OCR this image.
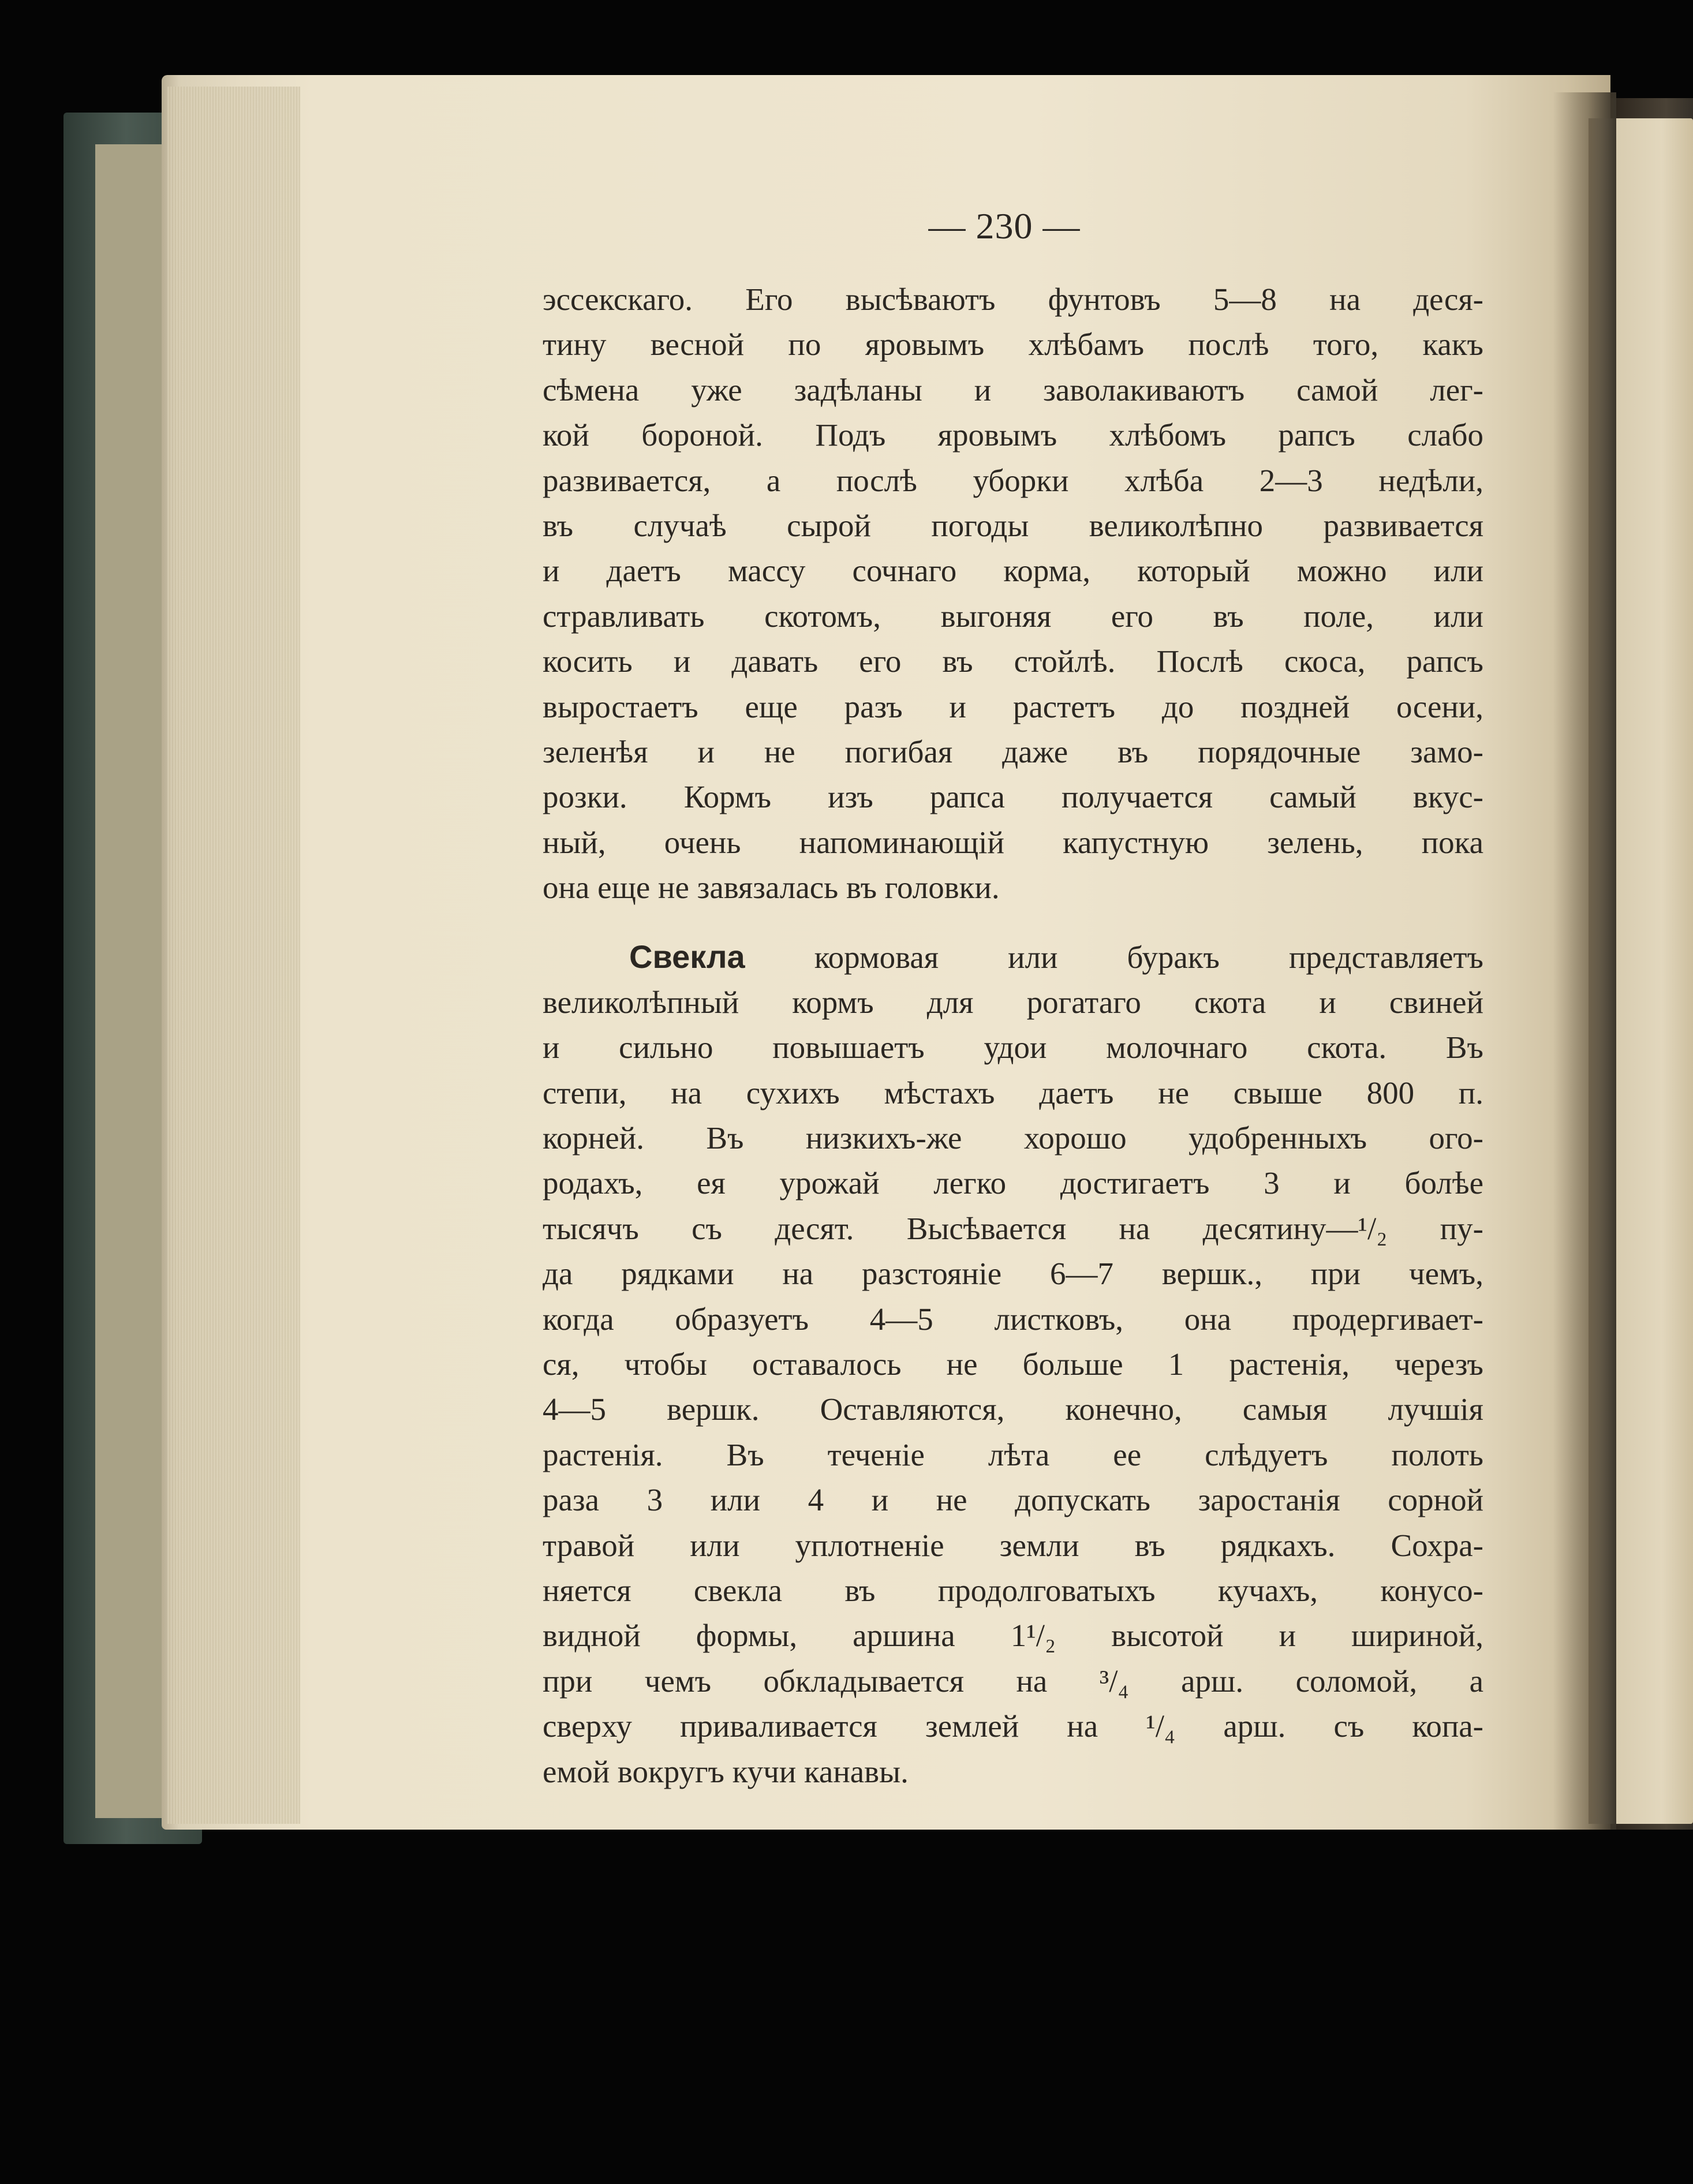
— 230 —
эссекскаго. Его высѣваютъ фунтовъ 5—8 на деся-
тину весной по яровымъ хлѣбамъ послѣ того, какъ
сѣмена уже задѣланы и заволакиваютъ самой лег-
кой бороной. Подъ яровымъ хлѣбомъ рапсъ слабо
развивается, а послѣ уборки хлѣба 2—3 недѣли,
въ случаѣ сырой погоды великолѣпно развивается
и даетъ массу сочнаго корма, который можно или
стравливать скотомъ, выгоняя его въ поле, или
косить и давать его въ стойлѣ. Послѣ скоса, рапсъ
выростаетъ еще разъ и растетъ до поздней осени,
зеленѣя и не погибая даже въ порядочные замо-
розки. Кормъ изъ рапса получается самый вкус-
ный, очень напоминающій капустную зелень, пока
она еще не завязалась въ головки.
Свекла кормовая или буракъ представляетъ
великолѣпный кормъ для рогатаго скота и свиней
и сильно повышаетъ удои молочнаго скота. Въ
степи, на сухихъ мѣстахъ даетъ не свыше 800 п.
корней. Въ низкихъ-же хорошо удобренныхъ ого-
родахъ, ея урожай легко достигаетъ 3 и болѣе
тысячъ съ десят. Высѣвается на десятину—¹/₂ пу-
да рядками на разстояніе 6—7 вершк., при чемъ,
когда образуетъ 4—5 листковъ, она продергивает-
ся, чтобы оставалось не больше 1 растенія, черезъ
4—5 вершк. Оставляются, конечно, самыя лучшія
растенія. Въ теченіе лѣта ее слѣдуетъ полоть
раза 3 или 4 и не допускать заростанія сорной
травой или уплотненіе земли въ рядкахъ. Сохра-
няется свекла въ продолговатыхъ кучахъ, конусо-
видной формы, аршина 1¹/₂ высотой и шириной,
при чемъ обкладывается на ³/₄ арш. соломой, а
сверху приваливается землей на ¹/₄ арш. съ копа-
емой вокругъ кучи канавы.
